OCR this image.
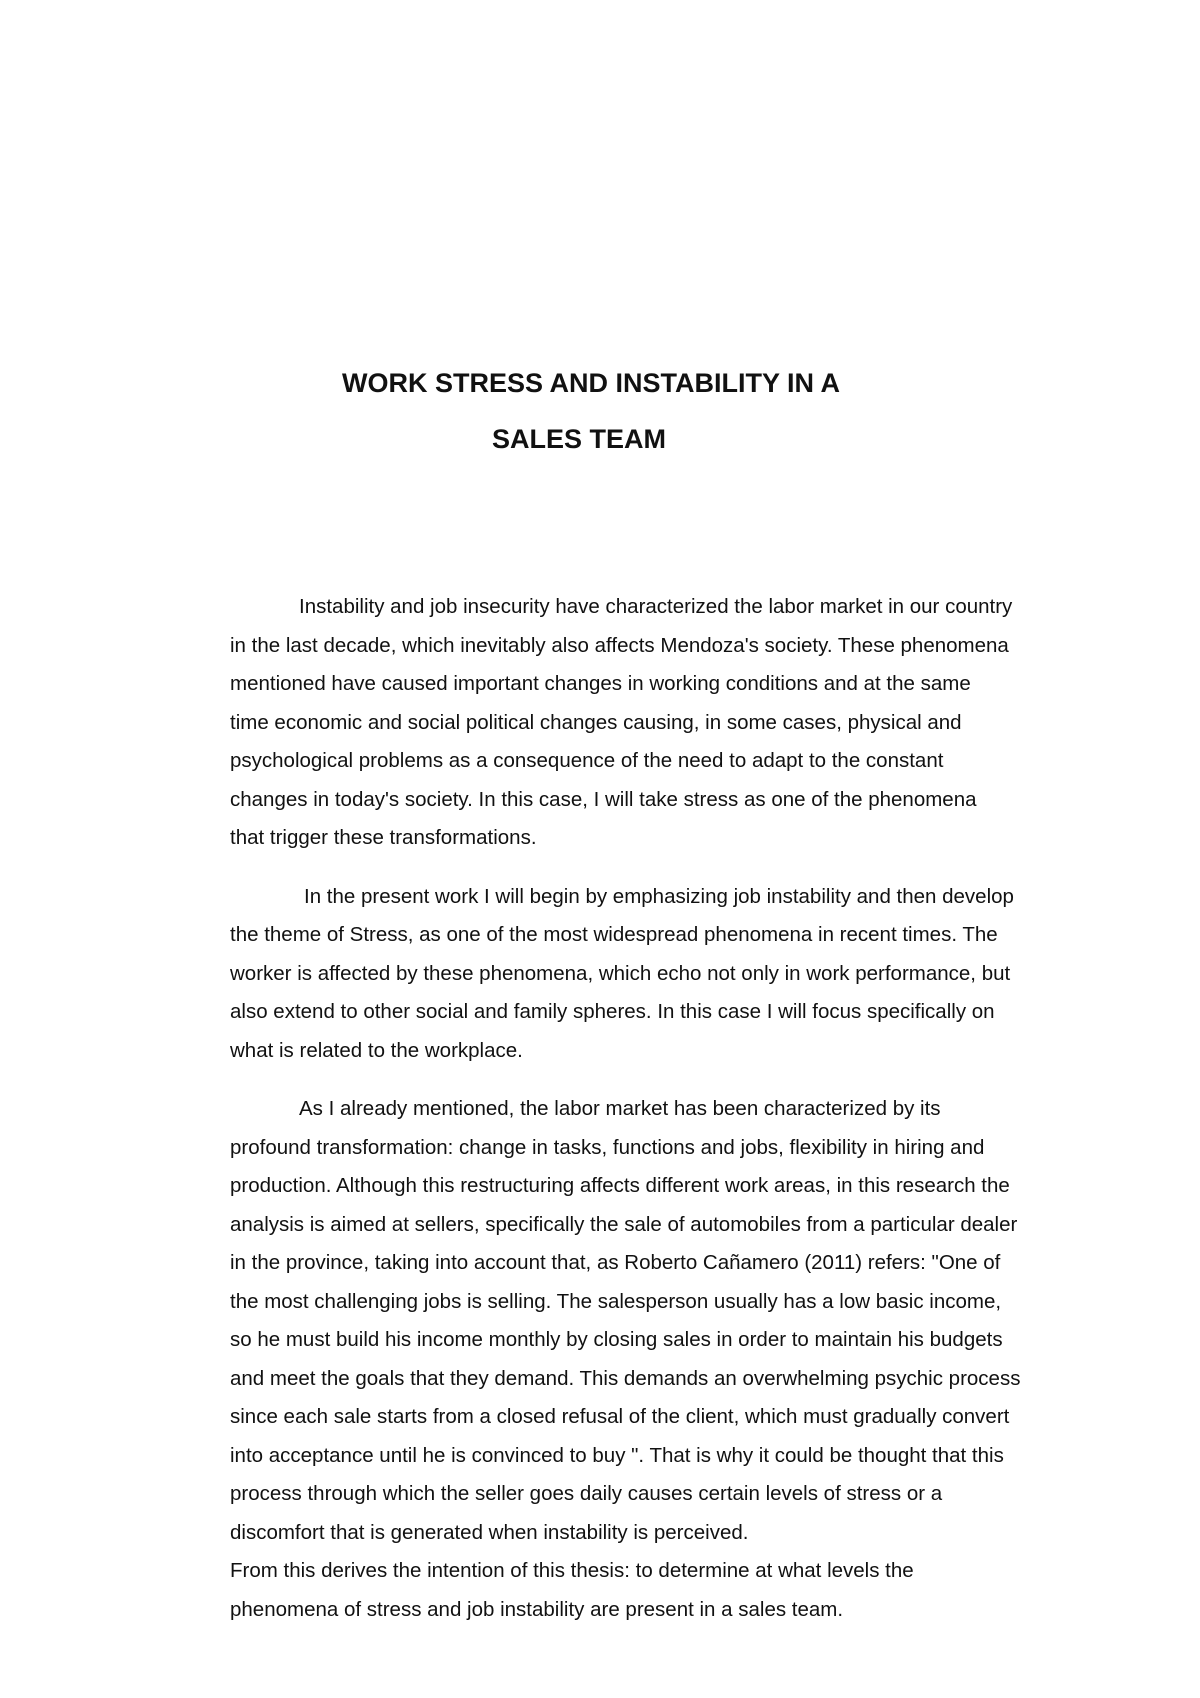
WORK STRESS AND INSTABILITY IN A

SALES TEAM

Instability and job insecurity have characterized the labor market in our country
in the last decade, which inevitably also affects Mendoza's society. These phenomena
mentioned have caused important changes in working conditions and at the same
time economic and social political changes causing, in some cases, physical and
psychological problems as a consequence of the need to adapt to the constant
changes in today's society. In this case, I will take stress as one of the phenomena
that trigger these transformations.

In the present work I will begin by emphasizing job instability and then develop
the theme of Stress, as one of the most widespread phenomena in recent times. The
worker is affected by these phenomena, which echo not only in work performance, but
also extend to other social and family spheres. In this case I will focus specifically on
what is related to the workplace.

As I already mentioned, the labor market has been characterized by its
profound transformation: change in tasks, functions and jobs, flexibility in hiring and
production. Although this restructuring affects different work areas, in this research the
analysis is aimed at sellers, specifically the sale of automobiles from a particular dealer
in the province, taking into account that, as Roberto Cañamero (2011) refers: "One of
the most challenging jobs is selling. The salesperson usually has a low basic income,
so he must build his income monthly by closing sales in order to maintain his budgets
and meet the goals that they demand. This demands an overwhelming psychic process
since each sale starts from a closed refusal of the client, which must gradually convert
into acceptance until he is convinced to buy ". That is why it could be thought that this
process through which the seller goes daily causes certain levels of stress or a
discomfort that is generated when instability is perceived.

From this derives the intention of this thesis: to determine at what levels the
phenomena of stress and job instability are present in a sales team.
